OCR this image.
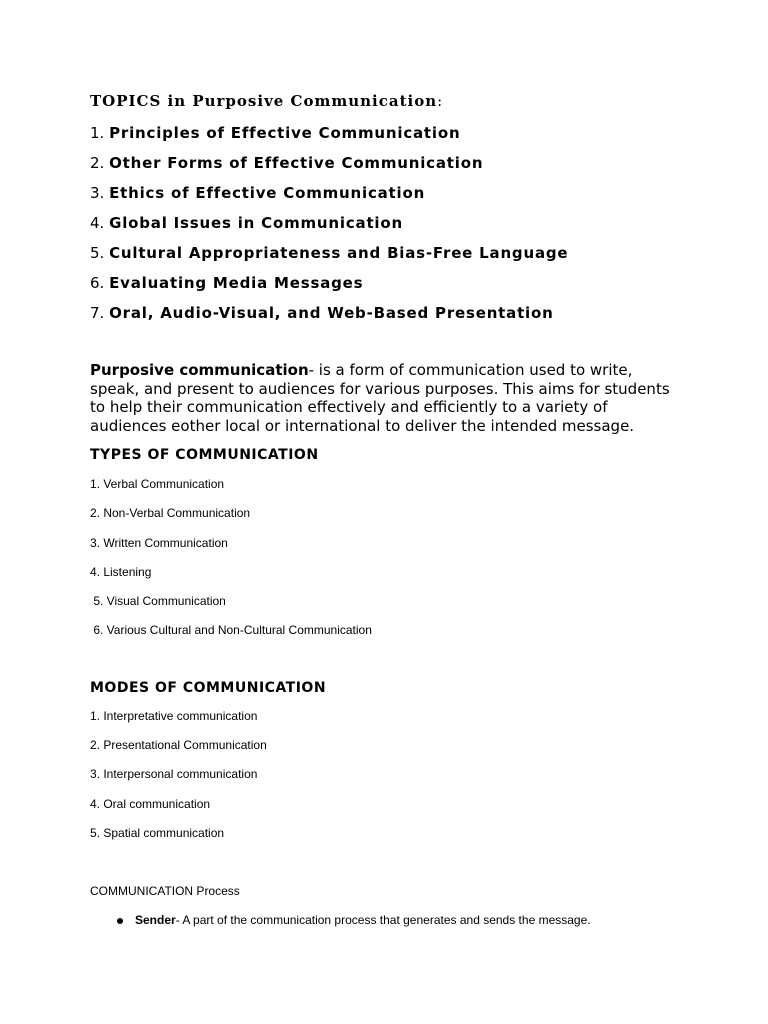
TOPICS in Purposive Communication:

1. Principles of Effective Communication

2. Other Forms of Effective Communication

3. Ethics of Effective Communication

4. Global Issues in Communication

5. Cultural Appropriateness and Bias-Free Language

6. Evaluating Media Messages

7. Oral, Audio-Visual, and Web-Based Presentation

Purposive communication- is a form of communication used to write, speak, and present to audiences for various purposes. This aims for students to help their communication effectively and efficiently to a variety of audiences eother local or international to deliver the intended message.

TYPES OF COMMUNICATION

1. Verbal Communication

2. Non-Verbal Communication

3. Written Communication

4. Listening

5. Visual Communication

6. Various Cultural and Non-Cultural Communication

MODES OF COMMUNICATION

1. Interpretative communication

2. Presentational Communication

3. Interpersonal communication

4. Oral communication

5. Spatial communication

COMMUNICATION Process

Sender- A part of the communication process that generates and sends the message.
